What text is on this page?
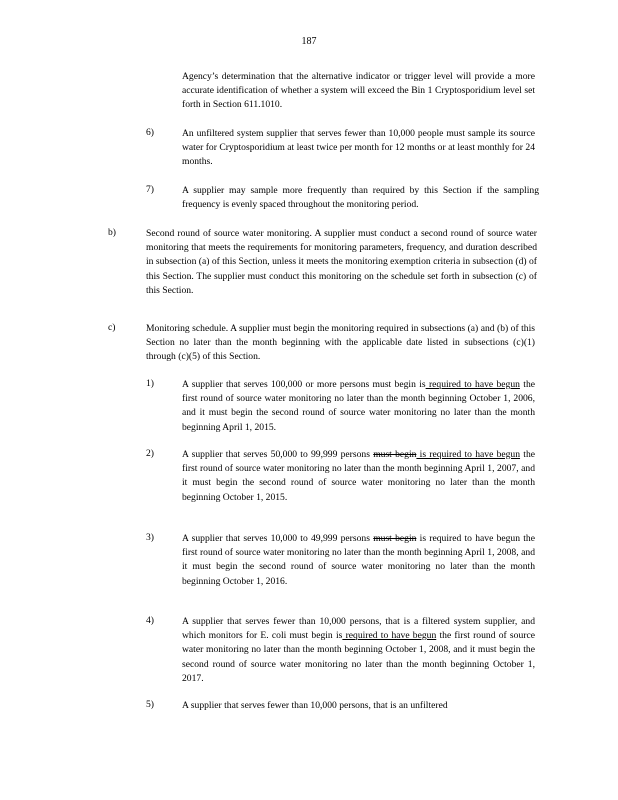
187
Agency’s determination that the alternative indicator or trigger level will provide a more accurate identification of whether a system will exceed the Bin 1 Cryptosporidium level set forth in Section 611.1010.
6)	An unfiltered system supplier that serves fewer than 10,000 people must sample its source water for Cryptosporidium at least twice per month for 12 months or at least monthly for 24 months.
7)	A supplier may sample more frequently than required by this Section if the sampling frequency is evenly spaced throughout the monitoring period.
b)	Second round of source water monitoring. A supplier must conduct a second round of source water monitoring that meets the requirements for monitoring parameters, frequency, and duration described in subsection (a) of this Section, unless it meets the monitoring exemption criteria in subsection (d) of this Section. The supplier must conduct this monitoring on the schedule set forth in subsection (c) of this Section.
c)	Monitoring schedule. A supplier must begin the monitoring required in subsections (a) and (b) of this Section no later than the month beginning with the applicable date listed in subsections (c)(1) through (c)(5) of this Section.
1)	A supplier that serves 100,000 or more persons must begin is required to have begun the first round of source water monitoring no later than the month beginning October 1, 2006, and it must begin the second round of source water monitoring no later than the month beginning April 1, 2015.
2)	A supplier that serves 50,000 to 99,999 persons must begin is required to have begun the first round of source water monitoring no later than the month beginning April 1, 2007, and it must begin the second round of source water monitoring no later than the month beginning October 1, 2015.
3)	A supplier that serves 10,000 to 49,999 persons must begin is required to have begun the first round of source water monitoring no later than the month beginning April 1, 2008, and it must begin the second round of source water monitoring no later than the month beginning October 1, 2016.
4)	A supplier that serves fewer than 10,000 persons, that is a filtered system supplier, and which monitors for E. coli must begin is required to have begun the first round of source water monitoring no later than the month beginning October 1, 2008, and it must begin the second round of source water monitoring no later than the month beginning October 1, 2017.
5)	A supplier that serves fewer than 10,000 persons, that is an unfiltered
